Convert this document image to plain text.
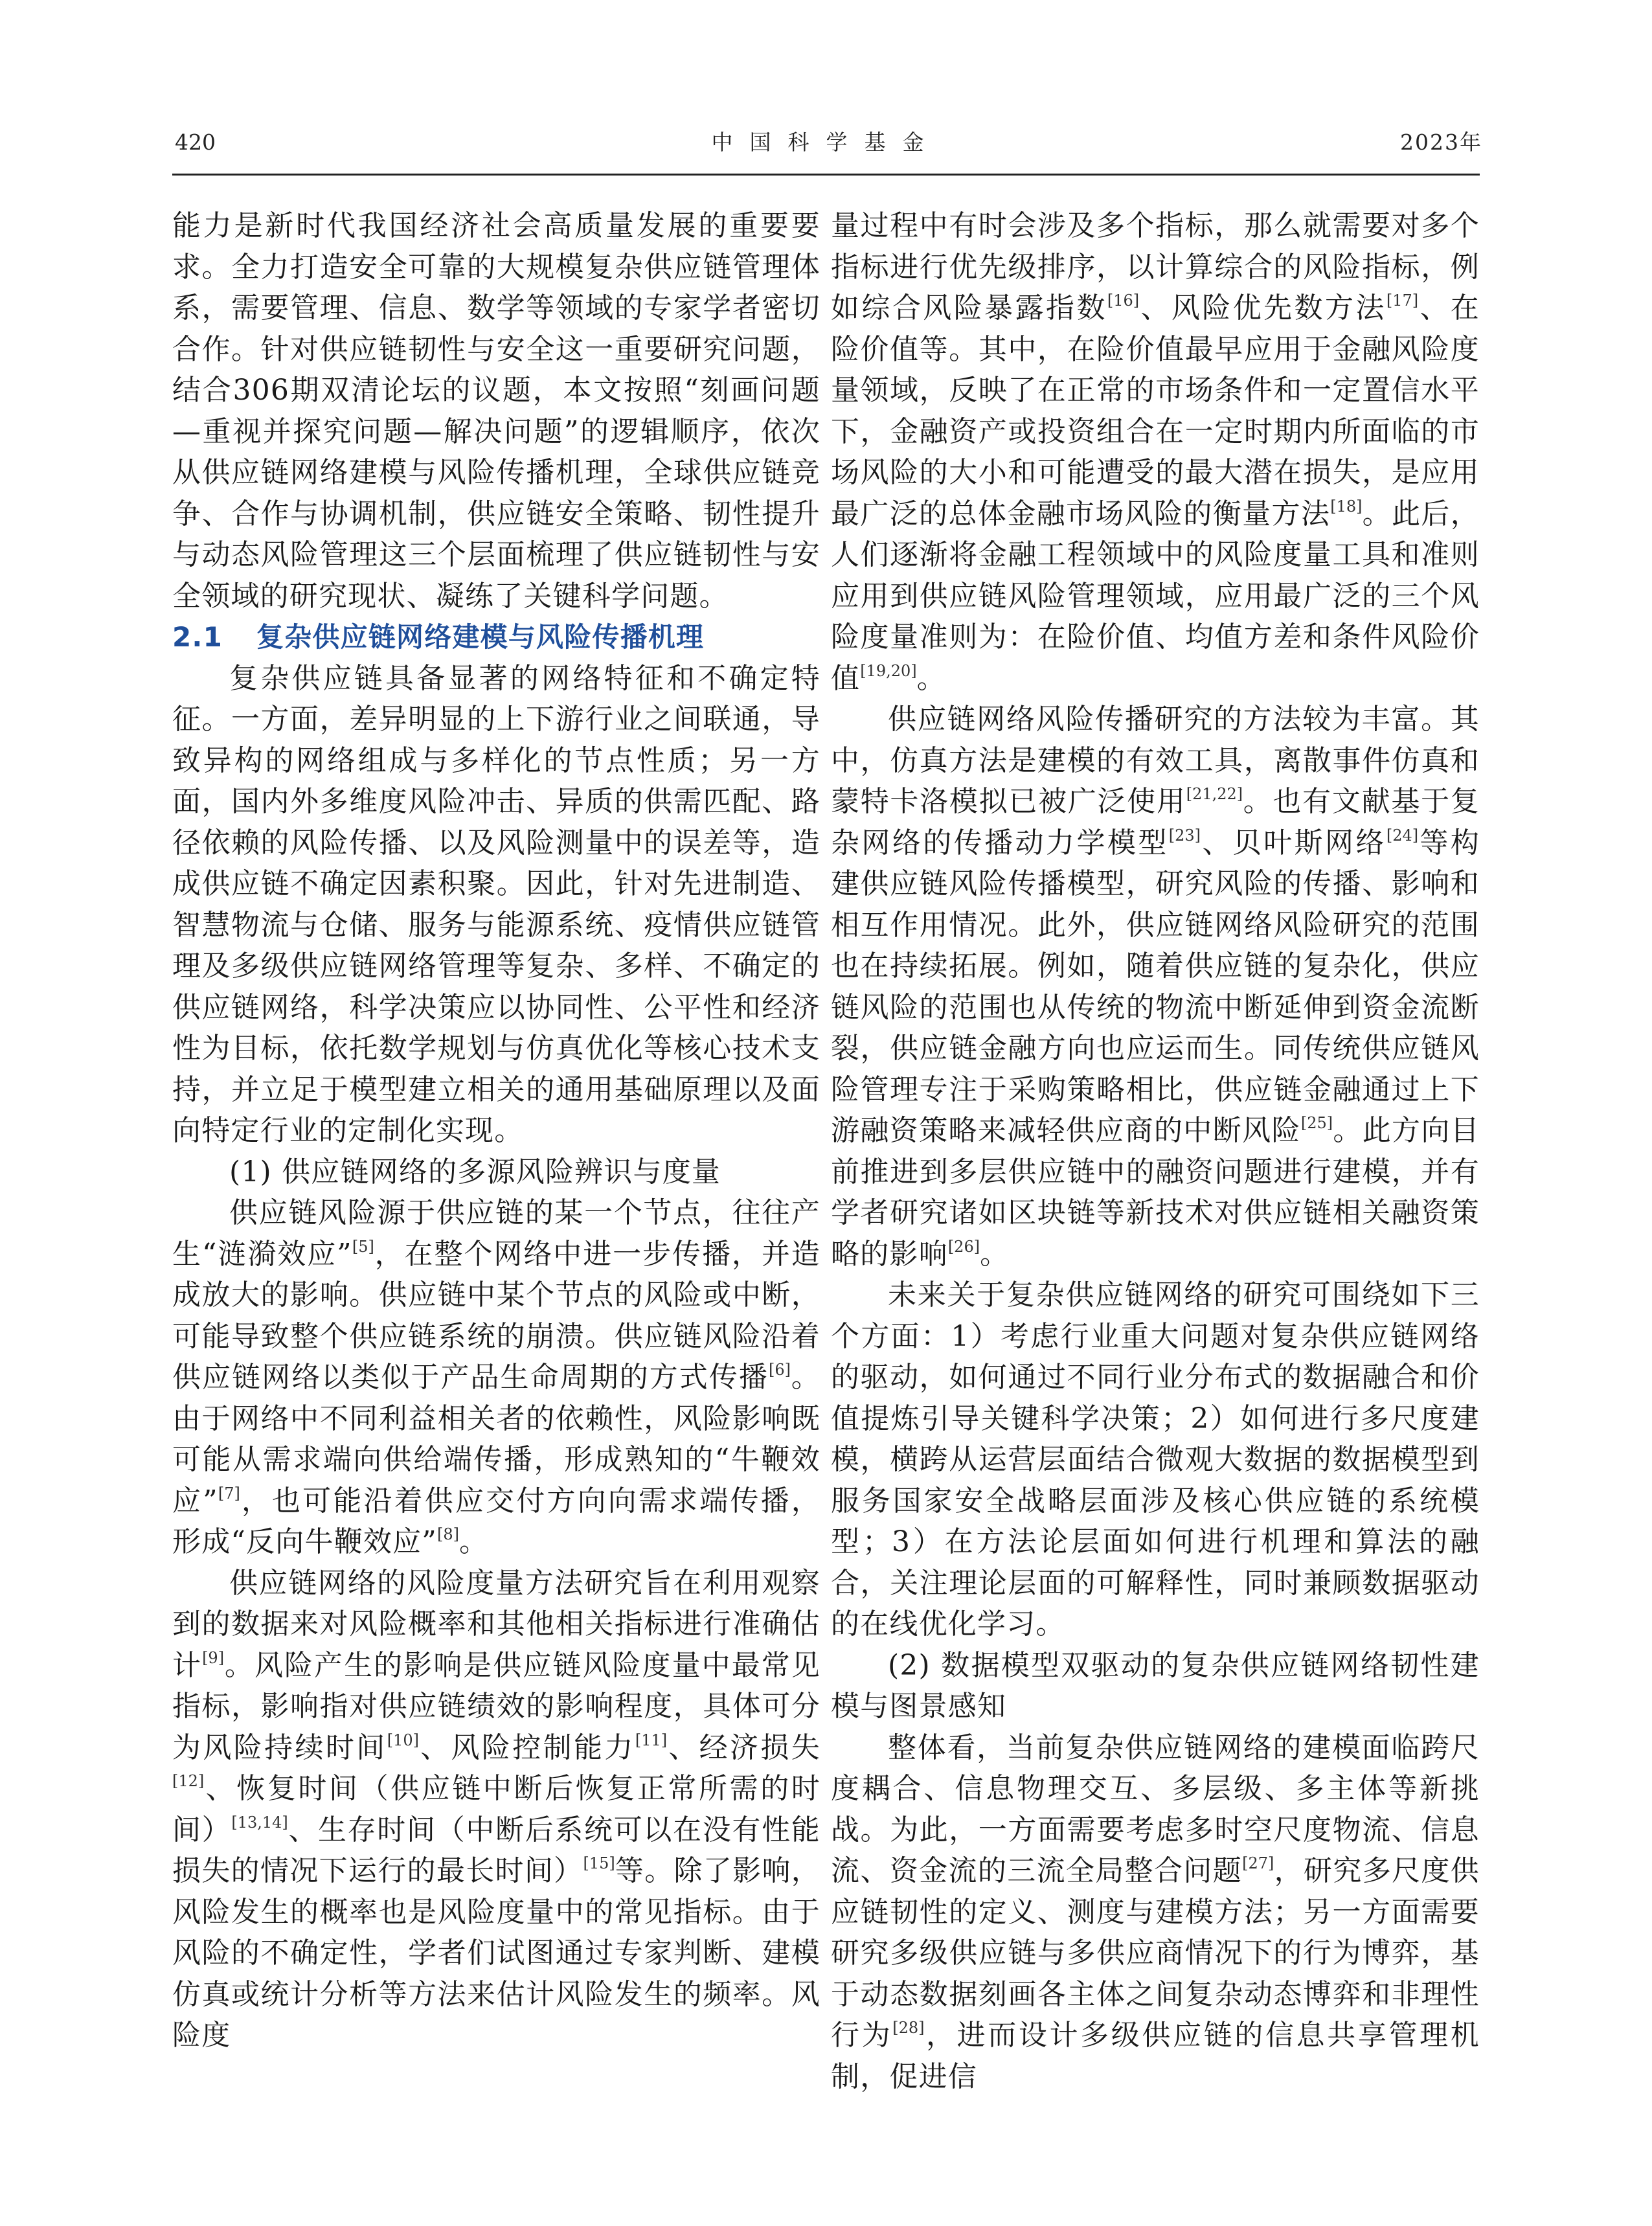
420	中国科学基金	2023年

能力是新时代我国经济社会高质量发展的重要要求。全力打造安全可靠的大规模复杂供应链管理体系，需要管理、信息、数学等领域的专家学者密切合作。针对供应链韧性与安全这一重要研究问题，结合306期双清论坛的议题，本文按照“刻画问题—重视并探究问题—解决问题”的逻辑顺序，依次从供应链网络建模与风险传播机理，全球供应链竞争、合作与协调机制，供应链安全策略、韧性提升与动态风险管理这三个层面梳理了供应链韧性与安全领域的研究现状、凝练了关键科学问题。

2.1 复杂供应链网络建模与风险传播机理

复杂供应链具备显著的网络特征和不确定特征。一方面，差异明显的上下游行业之间联通，导致异构的网络组成与多样化的节点性质；另一方面，国内外多维度风险冲击、异质的供需匹配、路径依赖的风险传播、以及风险测量中的误差等，造成供应链不确定因素积聚。因此，针对先进制造、智慧物流与仓储、服务与能源系统、疫情供应链管理及多级供应链网络管理等复杂、多样、不确定的供应链网络，科学决策应以协同性、公平性和经济性为目标，依托数学规划与仿真优化等核心技术支持，并立足于模型建立相关的通用基础原理以及面向特定行业的定制化实现。

(1) 供应链网络的多源风险辨识与度量

供应链风险源于供应链的某一个节点，往往产生“涟漪效应”[5]，在整个网络中进一步传播，并造成放大的影响。供应链中某个节点的风险或中断，可能导致整个供应链系统的崩溃。供应链风险沿着供应链网络以类似于产品生命周期的方式传播[6]。由于网络中不同利益相关者的依赖性，风险影响既可能从需求端向供给端传播，形成熟知的“牛鞭效应”[7]，也可能沿着供应交付方向向需求端传播，形成“反向牛鞭效应”[8]。

供应链网络的风险度量方法研究旨在利用观察到的数据来对风险概率和其他相关指标进行准确估计[9]。风险产生的影响是供应链风险度量中最常见指标，影响指对供应链绩效的影响程度，具体可分为风险持续时间[10]、风险控制能力[11]、经济损失[12]、恢复时间（供应链中断后恢复正常所需的时间）[13,14]、生存时间（中断后系统可以在没有性能损失的情况下运行的最长时间）[15]等。除了影响，风险发生的概率也是风险度量中的常见指标。由于风险的不确定性，学者们试图通过专家判断、建模仿真或统计分析等方法来估计风险发生的频率。风险度

量过程中有时会涉及多个指标，那么就需要对多个指标进行优先级排序，以计算综合的风险指标，例如综合风险暴露指数[16]、风险优先数方法[17]、在险价值等。其中，在险价值最早应用于金融风险度量领域，反映了在正常的市场条件和一定置信水平下，金融资产或投资组合在一定时期内所面临的市场风险的大小和可能遭受的最大潜在损失，是应用最广泛的总体金融市场风险的衡量方法[18]。此后，人们逐渐将金融工程领域中的风险度量工具和准则应用到供应链风险管理领域，应用最广泛的三个风险度量准则为：在险价值、均值方差和条件风险价值[19,20]。

供应链网络风险传播研究的方法较为丰富。其中，仿真方法是建模的有效工具，离散事件仿真和蒙特卡洛模拟已被广泛使用[21,22]。也有文献基于复杂网络的传播动力学模型[23]、贝叶斯网络[24]等构建供应链风险传播模型，研究风险的传播、影响和相互作用情况。此外，供应链网络风险研究的范围也在持续拓展。例如，随着供应链的复杂化，供应链风险的范围也从传统的物流中断延伸到资金流断裂，供应链金融方向也应运而生。同传统供应链风险管理专注于采购策略相比，供应链金融通过上下游融资策略来减轻供应商的中断风险[25]。此方向目前推进到多层供应链中的融资问题进行建模，并有学者研究诸如区块链等新技术对供应链相关融资策略的影响[26]。

未来关于复杂供应链网络的研究可围绕如下三个方面：1）考虑行业重大问题对复杂供应链网络的驱动，如何通过不同行业分布式的数据融合和价值提炼引导关键科学决策；2）如何进行多尺度建模，横跨从运营层面结合微观大数据的数据模型到服务国家安全战略层面涉及核心供应链的系统模型；3）在方法论层面如何进行机理和算法的融合，关注理论层面的可解释性，同时兼顾数据驱动的在线优化学习。

(2) 数据模型双驱动的复杂供应链网络韧性建模与图景感知

整体看，当前复杂供应链网络的建模面临跨尺度耦合、信息物理交互、多层级、多主体等新挑战。为此，一方面需要考虑多时空尺度物流、信息流、资金流的三流全局整合问题[27]，研究多尺度供应链韧性的定义、测度与建模方法；另一方面需要研究多级供应链与多供应商情况下的行为博弈，基于动态数据刻画各主体之间复杂动态博弈和非理性行为[28]，进而设计多级供应链的信息共享管理机制，促进信
